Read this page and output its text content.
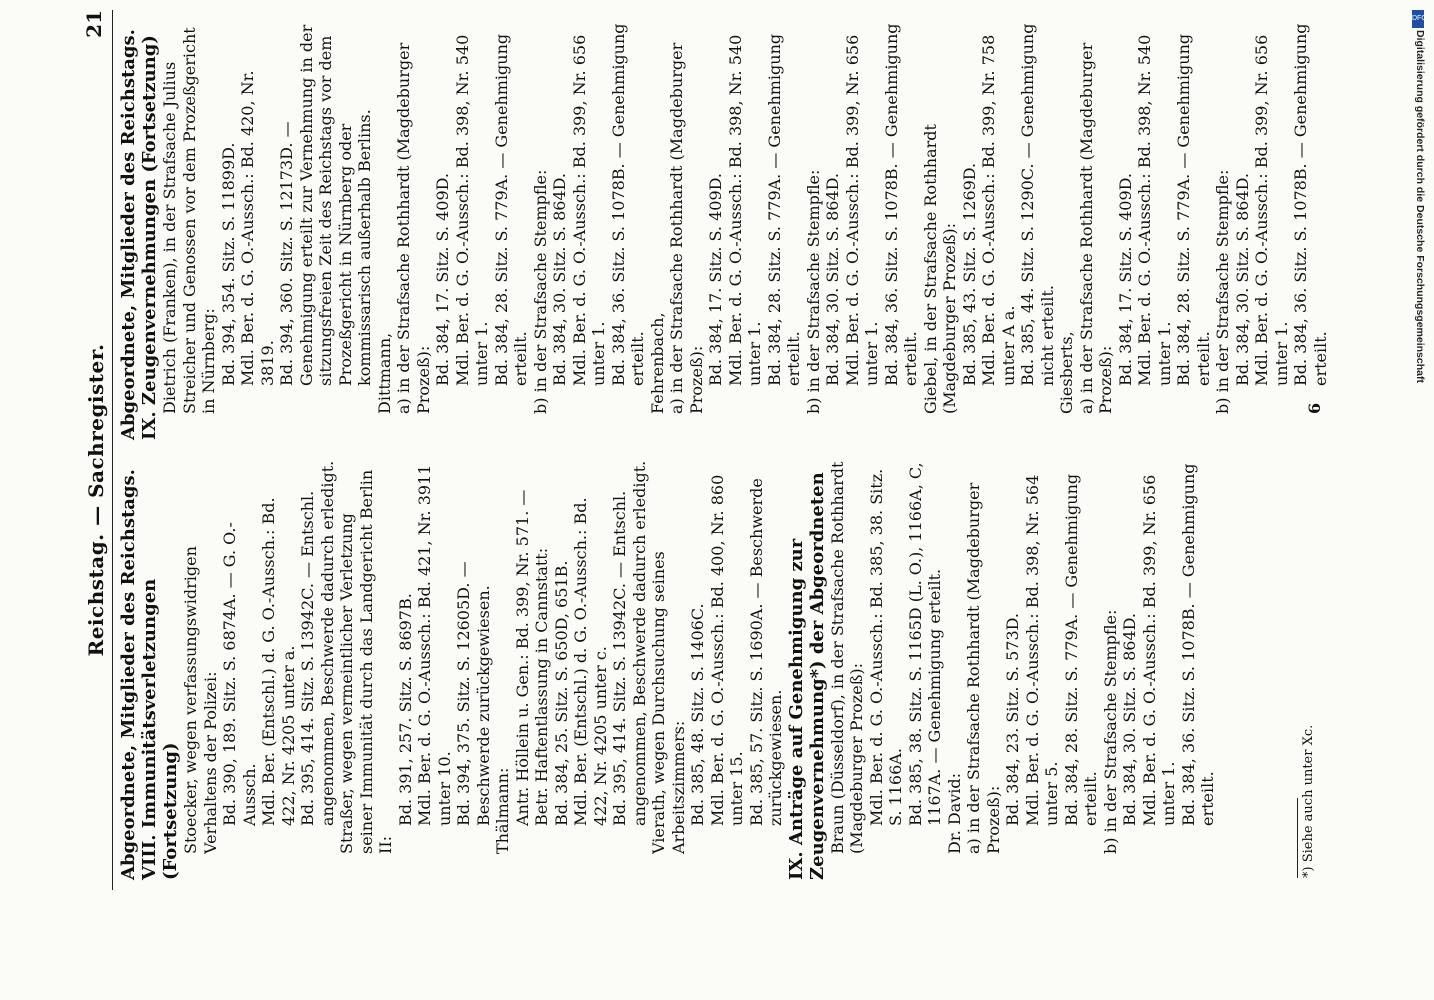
Reichstag. — Sachregister.
21

Abgeordnete, Mitglieder des Reichstags. VIII. Immunitätsverletzungen (Fortsetzung) Stoecker, wegen verfassungswidrigen Verhaltens der Polizei: Bd. 390, 189. Sitz. S. 6874A. — G. O.-Aussch. Mdl. Ber. (Entschl.) d. G. O.-Aussch.: Bd. 422, Nr. 4205 unter a. Bd. 395, 414. Sitz. S. 13942C. — Entschl. angenommen, Beschwerde dadurch erledigt. Straßer, wegen vermeintlicher Verletzung seiner Immunität durch das Landgericht Berlin II:

Bd. 391, 257. Sitz. S. 8697B. Mdl. Ber. d. G. O.-Aussch.: Bd. 421, Nr. 3911 unter 10. Bd. 394, 375. Sitz. S. 12605D. — Beschwerde zurückgewiesen. Thälmann: Antr. Höllein u. Gen.: Bd. 399, Nr. 571. — Betr. Haftentlassung in Cannstatt: Bd. 384, 25. Sitz. S. 650D, 651B. Mdl. Ber. (Entschl.) d. G. O.-Aussch.: Bd. 422, Nr. 4205 unter c. Bd. 395, 414. Sitz. S. 13942C. — Entschl. angenommen, Beschwerde dadurch erledigt. Vierath, wegen Durchsuchung seines Arbeitszimmers: Bd. 385, 48. Sitz. S. 1406C. Mdl. Ber. d. G. O.-Aussch.: Bd. 400, Nr. 860 unter 15. Bd. 385, 57. Sitz. S. 1690A. — Beschwerde zurückgewiesen. IX. Anträge auf Genehmigung zur Zeugenvernehmung*) der Abgeordneten Braun (Düsseldorf), in der Strafsache Rothhardt (Magdeburger Prozeß): Mdl. Ber. d. G. O.-Aussch.: Bd. 385, 38. Sitz. S. 1166A. Bd. 385, 38. Sitz. S. 1165D (L. O.), 1166A, C, 1167A. — Genehmigung erteilt. Dr. David: a) in der Strafsache Rothhardt (Magdeburger Prozeß): Bd. 384, 23. Sitz. S. 573D. Mdl. Ber. d. G. O.-Aussch.: Bd. 398, Nr. 564 unter 5. Bd. 384, 28. Sitz. S. 779A. — Genehmigung erteilt. b) in der Strafsache Stempfle: Bd. 384, 30. Sitz. S. 864D. Mdl. Ber. d. G. O.-Aussch.: Bd. 399, Nr. 656 unter 1. Bd. 384, 36. Sitz. S. 1078B. — Genehmigung erteilt.

Abgeordnete, Mitglieder des Reichstags. IX. Zeugenvernehmungen (Fortsetzung) Dietrich (Franken), in der Strafsache Julius Streicher und Genossen vor dem Prozeßgericht in Nürnberg: Bd. 394, 354. Sitz. S. 11899D. Mdl. Ber. d. G. O.-Aussch.: Bd. 420, Nr. 3819. Bd. 394, 360. Sitz. S. 12173D. — Genehmigung erteilt zur Vernehmung in der sitzungsfreien Zeit des Reichstags vor dem Prozeßgericht in Nürnberg oder kommissarisch außerhalb Berlins. Dittmann, a) in der Strafsache Rothhardt (Magdeburger Prozeß): Bd. 384, 17. Sitz. S. 409D. Mdl. Ber. d. G. O.-Aussch.: Bd. 398, Nr. 540 unter 1. Bd. 384, 28. Sitz. S. 779A. — Genehmigung erteilt. b) in der Strafsache Stempfle: Bd. 384, 30. Sitz. S. 864D. Mdl. Ber. d. G. O.-Aussch.: Bd. 399, Nr. 656 unter 1. Bd. 384, 36. Sitz. S. 1078B. — Genehmigung erteilt. Fehrenbach, a) in der Strafsache Rothhardt (Magdeburger Prozeß): Bd. 384, 17. Sitz. S. 409D. Mdl. Ber. d. G. O.-Aussch.: Bd. 398, Nr. 540 unter 1. Bd. 384, 28. Sitz. S. 779A. — Genehmigung erteilt. b) in der Strafsache Stempfle: Bd. 384, 30. Sitz. S. 864D. Mdl. Ber. d. G. O.-Aussch.: Bd. 399, Nr. 656 unter 1. Bd. 384, 36. Sitz. S. 1078B. — Genehmigung erteilt. Giebel, in der Strafsache Rothhardt (Magdeburger Prozeß): Bd. 385, 43. Sitz. S. 1269D. Mdl. Ber. d. G. O.-Aussch.: Bd. 399, Nr. 758 unter A a. Bd. 385, 44. Sitz. S. 1290C. — Genehmigung nicht erteilt. Giesberts, a) in der Strafsache Rothhardt (Magdeburger Prozeß): Bd. 384, 17. Sitz. S. 409D. Mdl. Ber. d. G. O.-Aussch.: Bd. 398, Nr. 540 unter 1. Bd. 384, 28. Sitz. S. 779A. — Genehmigung erteilt. b) in der Strafsache Stempfle: Bd. 384, 30. Sitz. S. 864D. Mdl. Ber. d. G. O.-Aussch.: Bd. 399, Nr. 656 unter 1. Bd. 384, 36. Sitz. S. 1078B. — Genehmigung erteilt.

*) Siehe auch unter Xc.
6
DFG
Digitalisierung gefördert durch die Deutsche Forschungsgemeinschaft
